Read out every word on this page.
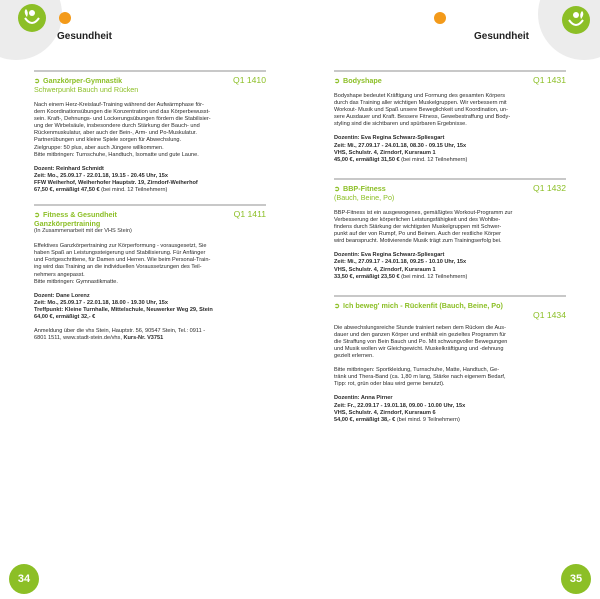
Gesundheit	Gesundheit
➲ Ganzkörper-Gymnastik	Q1 1410
Schwerpunkt Bauch und Rücken

Nach einem Herz-Kreislauf-Training während der Aufwärmphase för-

dern Koordinationsübungen die Konzentration und das Körperbewusst-

sein. Kraft-, Dehnungs- und Lockerungsübungen fördern die Stabilisier-

ung der Wirbelsäule, insbesondere durch Stärkung der Bauch- und

Rückenmuskulatur, aber auch der Bein-, Arm- und Po-Muskulatur.

Partnerübungen und kleine Spiele sorgen für Abwechslung.

Zielgruppe: 50 plus, aber auch Jüngere willkommen.

Bitte mitbringen: Turnschuhe, Handtuch, Isomatte und gute Laune.

Dozent: Reinhard Schmidt

Zeit: Mo., 25.09.17 - 22.01.18, 19.15 - 20.45 Uhr, 15x

FFW Weiherhof, Weiherhofer Hauptstr. 19, Zirndorf-Weiherhof

67,50 €, ermäßigt 47,50 € (bei mind. 12 Teilnehmern)

➲ Fitness & Gesundheit	Q1 1411
Ganzkörpertraining
(In Zusammenarbeit mit der VHS Stein)

Effektives Ganzkörpertraining zur Körperformung - vorausgesetzt, Sie

haben Spaß an Leistungssteigerung und Stabilisierung. Für Anfänger

und Fortgeschrittene, für Damen und Herren. Wie beim Personal-Train-

ing wird das Training an die individuellen Voraussetzungen des Teil-

nehmers angepasst.

Bitte mitbringen: Gymnastikmatte.

Dozent: Dane Lorenz

Zeit: Mo., 25.09.17 - 22.01.18, 18.00 - 19.30 Uhr, 15x

Treffpunkt: Kleine Turnhalle, Mittelschule, Neuwerker Weg 29, Stein

64,00 €, ermäßigt 32,- €

Anmeldung über die vhs Stein, Hauptstr. 56, 90547 Stein, Tel.: 0911 -

6801 1511, www.stadt-stein.de/vhs, Kurs-Nr. V3751

➲ Bodyshape	Q1 1431

Bodyshape bedeutet Kräftigung und Formung des gesamten Körpers

durch das Training aller wichtigen Muskelgruppen. Wir verbessern mit

Workout- Musik und Spaß unsere Beweglichkeit und Koordination, un-

sere Ausdauer und Kraft. Bessere Fitness, Gewebestraffung und Body-

styling sind die sichtbaren und spürbaren Ergebnisse.

Dozentin: Eva Regina Schwarz-Spliesgart

Zeit: Mi., 27.09.17 - 24.01.18, 08.30 - 09.15 Uhr, 15x

VHS, Schulstr. 4, Zirndorf, Kursraum 1

45,00 €, ermäßigt 31,50 € (bei mind. 12 Teilnehmern)

➲ BBP-Fitness	Q1 1432
(Bauch, Beine, Po)

BBP-Fitness ist ein ausgewogenes, gemäßigtes Workout-Programm zur

Verbesserung der körperlichen Leistungsfähigkeit und des Wohlbe-

findens durch Stärkung der wichtigsten Muskelgruppen mit Schwer-

punkt auf der von Rumpf, Po und Beinen. Auch der restliche Körper

wird beansprucht. Motivierende Musik trägt zum Trainingserfolg bei.

Dozentin: Eva Regina Schwarz-Spliesgart

Zeit: Mi., 27.09.17 - 24.01.18, 09.25 - 10.10 Uhr, 15x

VHS, Schulstr. 4, Zirndorf, Kursraum 1

33,50 €, ermäßigt 23,50 € (bei mind. 12 Teilnehmern)

➲ Ich beweg' mich - Rückenfit (Bauch, Beine, Po)
Q1 1434

Die abwechslungsreiche Stunde trainiert neben dem Rücken die Aus-

dauer und den ganzen Körper und enthält ein gezieltes Programm für

die Straffung von Bein Bauch und Po. Mit schwungvoller Bewegungen

und Musik wollen wir Gleichgewicht. Muskelkräftigung und -dehnung

gezielt erlernen.

Bitte mitbringen: Sportkleidung, Turnschuhe, Matte, Handtuch, Ge-

tränk und Thera-Band (ca. 1,80 m lang, Stärke nach eigenem Bedarf,

Tipp: rot, grün oder blau wird gerne benutzt).

Dozentin: Anna Pirner

Zeit: Fr., 22.09.17 - 19.01.18, 09.00 - 10.00 Uhr, 15x

VHS, Schulstr. 4, Zirndorf, Kursraum 6

54,00 €, ermäßigt 38,- € (bei mind. 9 Teilnehmern)

34	35
